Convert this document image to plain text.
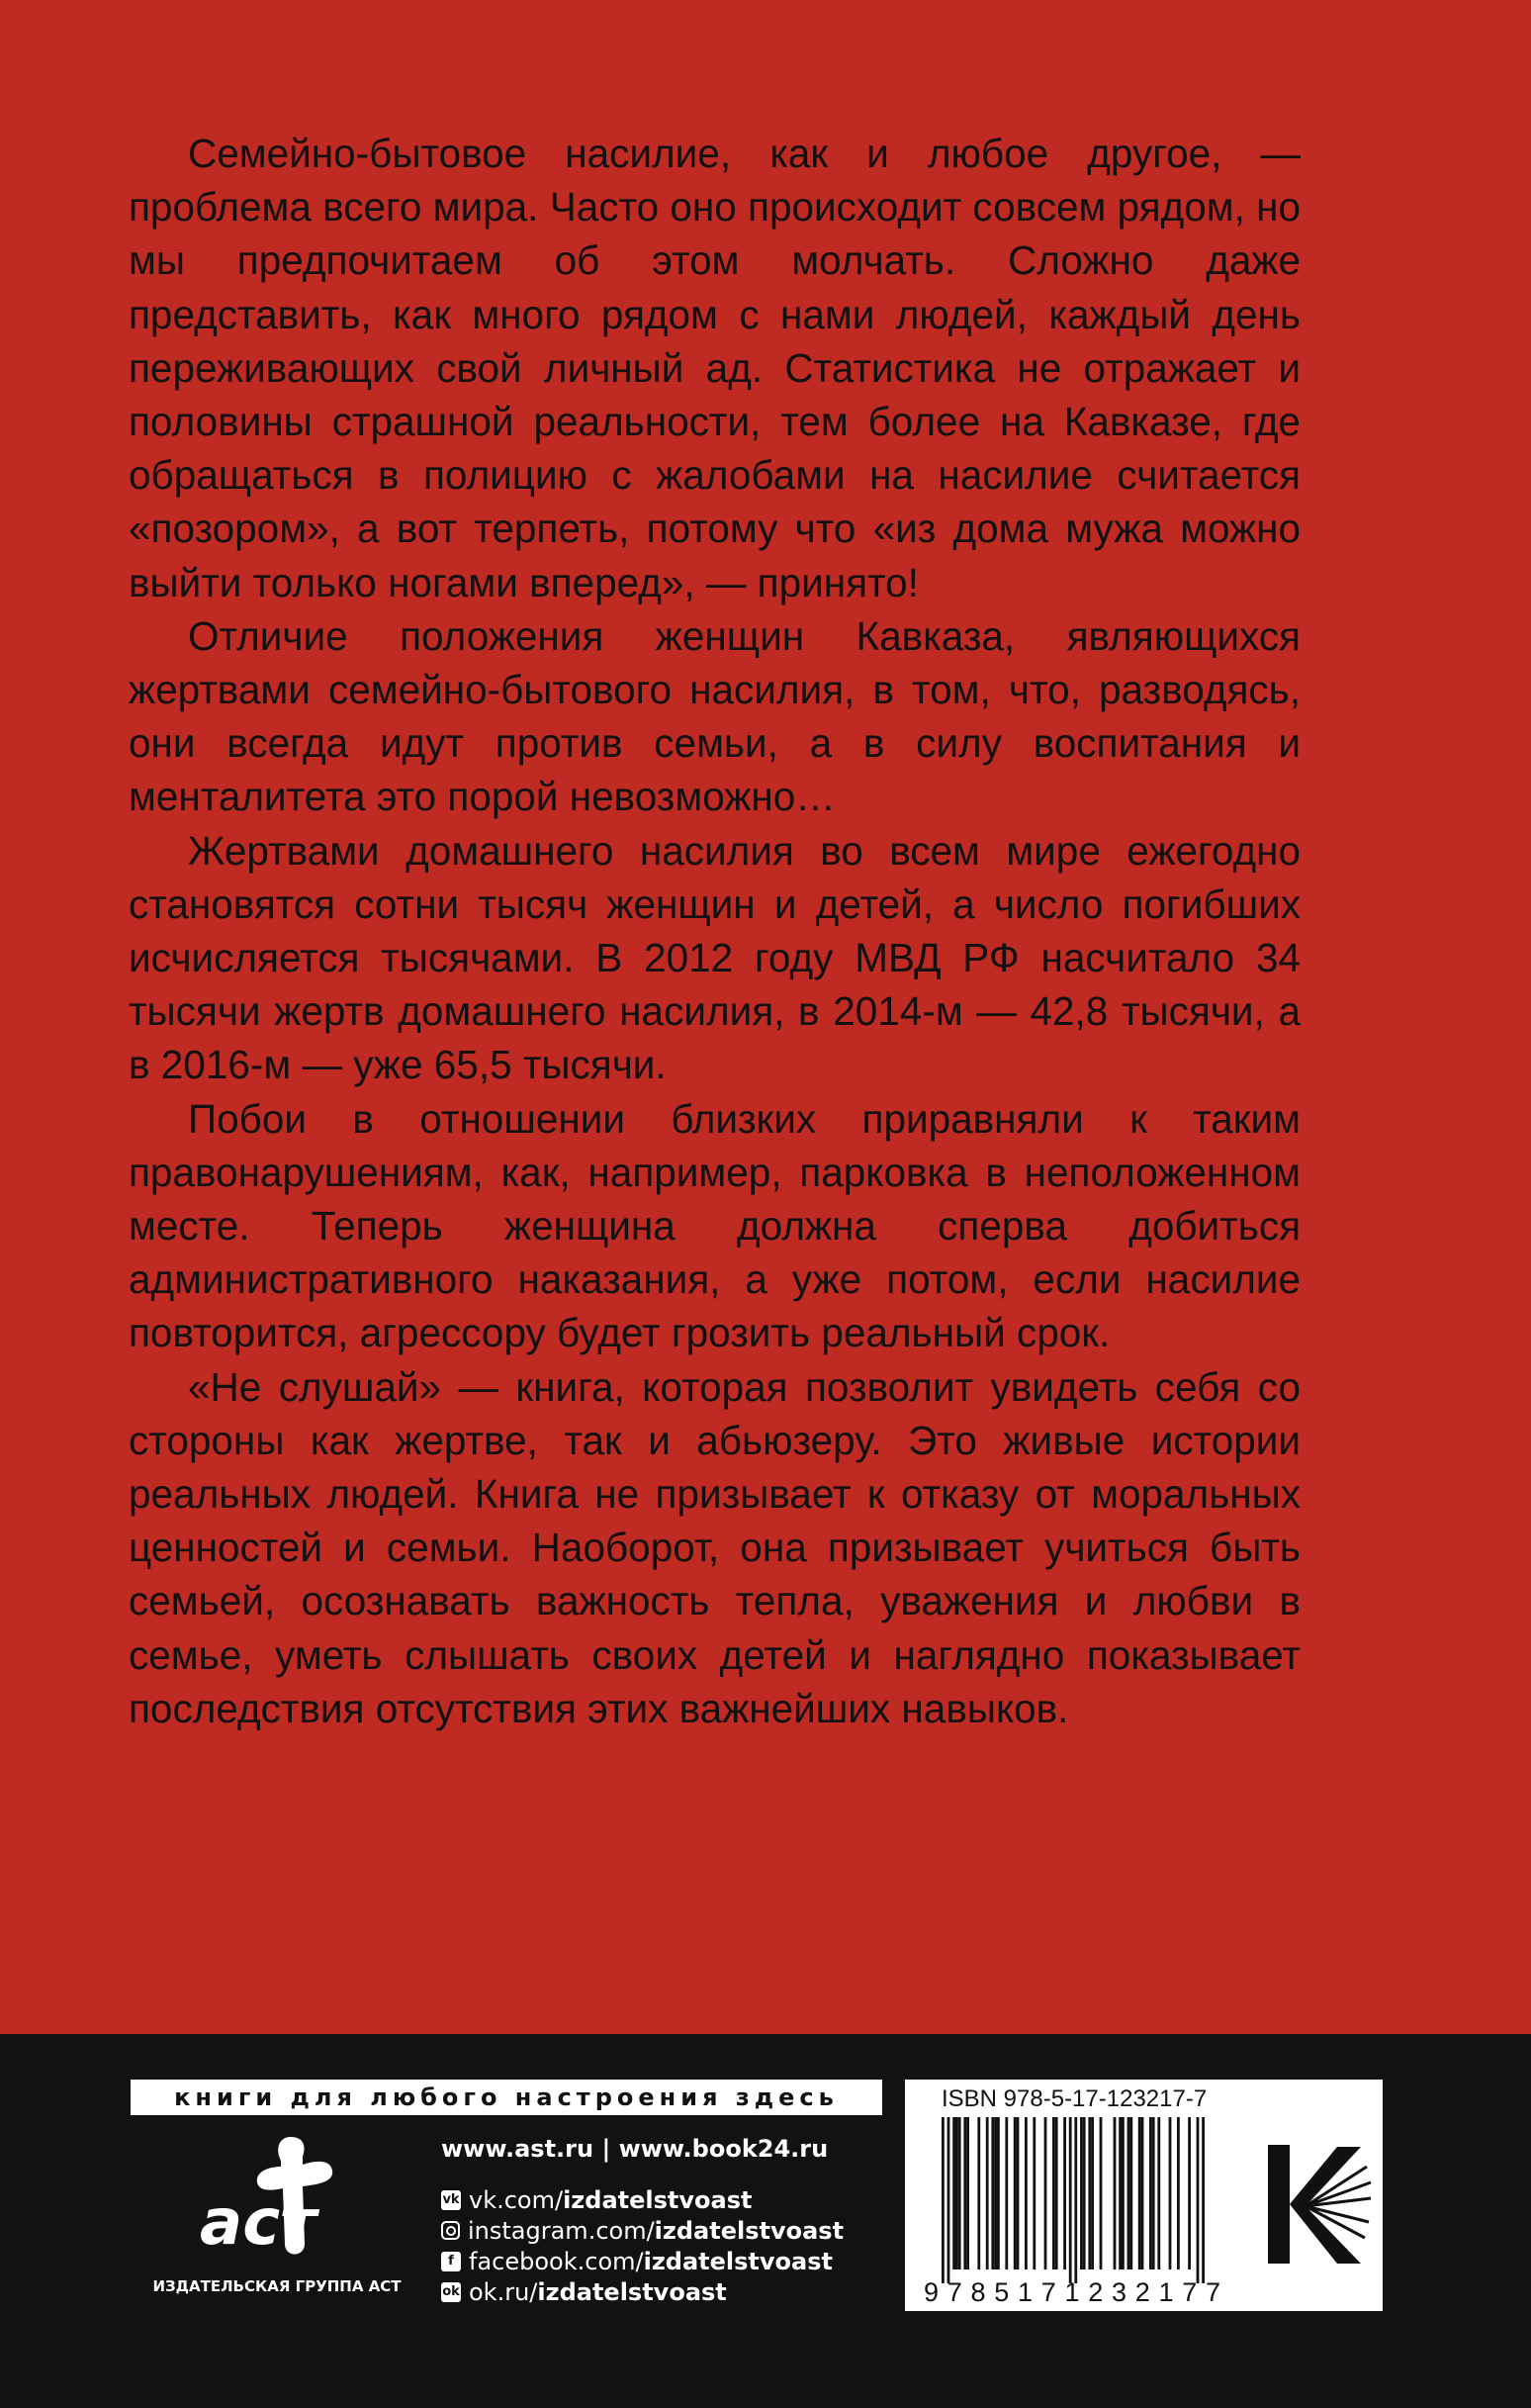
Семейно-бытовое насилие, как и любое другое, — проблема всего мира. Часто оно происходит совсем рядом, но мы предпочитаем об этом молчать. Сложно даже представить, как много рядом с нами людей, каждый день переживающих свой личный ад. Статистика не отражает и половины страшной реальности, тем более на Кавказе, где обращаться в полицию с жалобами на насилие считается «позором», а вот терпеть, потому что «из дома мужа можно выйти только ногами вперед», — принято!

Отличие положения женщин Кавказа, являющихся жертвами семейно-бытового насилия, в том, что, разводясь, они всегда идут против семьи, а в силу воспитания и менталитета это порой невозможно…

Жертвами домашнего насилия во всем мире ежегодно становятся сотни тысяч женщин и детей, а число погибших исчисляется тысячами. В 2012 году МВД РФ насчитало 34 тысячи жертв домашнего насилия, в 2014-м — 42,8 тысячи, а в 2016-м — уже 65,5 тысячи.

Побои в отношении близких приравняли к таким правонарушениям, как, например, парковка в неположенном месте. Теперь женщина должна сперва добиться административного наказания, а уже потом, если насилие повторится, агрессору будет грозить реальный срок.

«Не слушай» — книга, которая позволит увидеть себя со стороны как жертве, так и абьюзеру. Это живые истории реальных людей. Книга не призывает к отказу от моральных ценностей и семьи. Наоборот, она призывает учиться быть семьей, осознавать важность тепла, уважения и любви в семье, уметь слышать своих детей и наглядно показывает последствия отсутствия этих важнейших навыков.

книги для любого настроения здесь
аст
ИЗДАТЕЛЬСКАЯ ГРУППА АСТ
www.ast.ru | www.book24.ru
vk vk.com/ izdatelstvoast
instagram.com/ izdatelstvoast
f facebook.com/ izdatelstvoast
ok ok.ru/ izdatelstvoast
ISBN 978-5-17-123217-7
9785171232177
